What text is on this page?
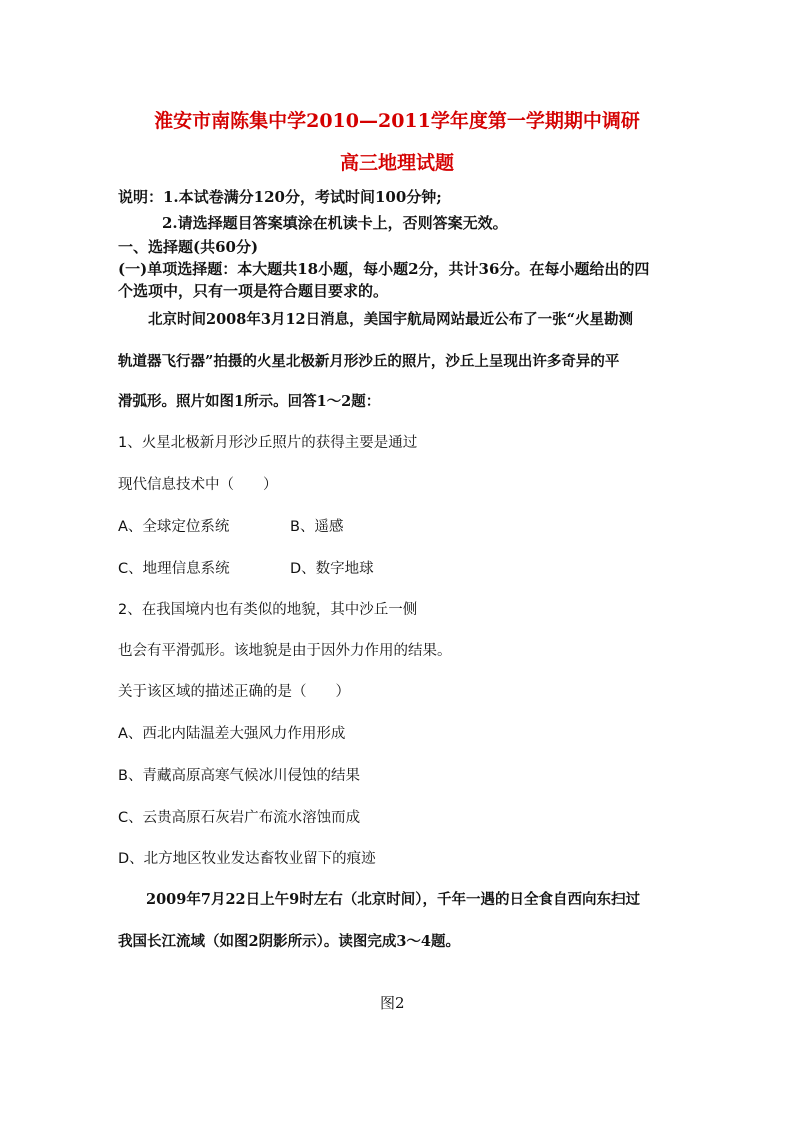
淮安市南陈集中学2010—2011学年度第一学期期中调研
高三地理试题
说明：1.本试卷满分120分，考试时间100分钟;
2.请选择题目答案填涂在机读卡上，否则答案无效。
一、选择题(共60分)
(一)单项选择题：本大题共18小题，每小题2分，共计36分。在每小题给出的四
个选项中，只有一项是符合题目要求的。
北京时间2008年3月12日消息，美国宇航局网站最近公布了一张“火星勘测
轨道器飞行器”拍摄的火星北极新月形沙丘的照片，沙丘上呈现出许多奇异的平
滑弧形。照片如图1所示。回答1～2题：
1、火星北极新月形沙丘照片的获得主要是通过
现代信息技术中（　　）
A、全球定位系统	B、遥感
C、地理信息系统	D、数字地球
2、在我国境内也有类似的地貌，其中沙丘一侧
也会有平滑弧形。该地貌是由于因外力作用的结果。
关于该区域的描述正确的是（　　）
A、西北内陆温差大强风力作用形成
B、青藏高原高寒气候冰川侵蚀的结果
C、云贵高原石灰岩广布流水溶蚀而成
D、北方地区牧业发达畜牧业留下的痕迹
2009年7月22日上午9时左右（北京时间），千年一遇的日全食自西向东扫过
我国长江流域（如图2阴影所示）。读图完成3～4题。
图2
